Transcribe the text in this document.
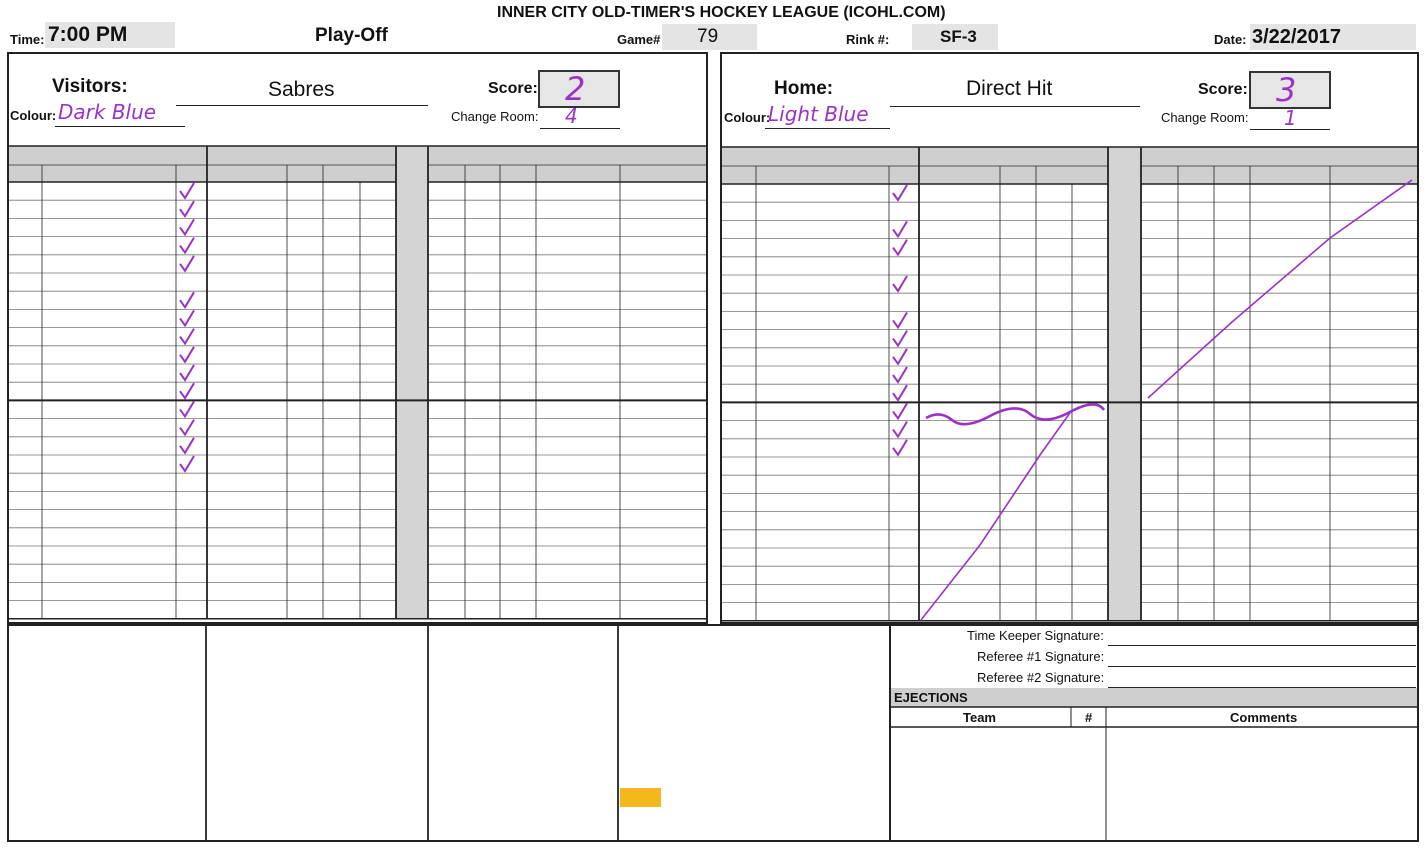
INNER CITY OLD-TIMER'S HOCKEY LEAGUE (ICOHL.COM)
Time: 7:00 PM	Play-Off	Game# 79	Rink #:	SF-3	Date: 3/22/2017
Visitors:	Sabres	Score: 2
Colour: Dark Blue	Change Room: 4
Home:	Direct Hit	Score: 3
Colour:
Light Blue	Change Room: 1
Time Keeper Signature:
Referee #1 Signature:
Referee #2 Signature:
EJECTIONS
Team	#	Comments
